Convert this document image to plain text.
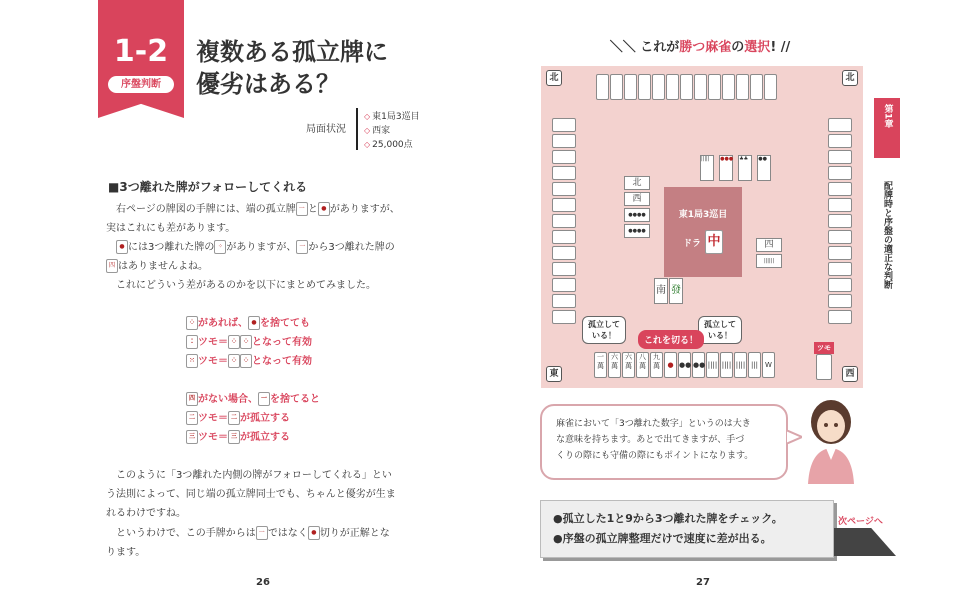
1-2
序盤判断
複数ある孤立牌に
優劣はある？
局面状況
◇ 東1局3巡目
◇ 西家
◇ 25,000点
■3つ離れた牌がフォローしてくれる
　右ページの牌図の手牌には、端の孤立牌 一 と ● がありますが、
実はこれにも差があります。
　● には3つ離れた牌の ⁘ がありますが、 一 から3つ離れた牌の
四 はありませんよね。
　これにどういう差があるのかを以下にまとめてみました。
⁘ があれば、 ● を捨てても
⁚ ツモ＝ ⁘ ⁘ となって有効
⁙ ツモ＝ ⁘ ⁘ となって有効
四 がない場合、 一 を捨てると
二 ツモ＝ 二 が孤立する
三 ツモ＝ 三 が孤立する
　このように「3つ離れた内側の牌がフォローしてくれる」とい
う法則によって、同じ端の孤立牌同士でも、ちゃんと優劣が生ま
れるわけですね。
　というわけで、この手牌からは 一 ではなく ● 切りが正解とな
ります。
26
＼＼ これが勝つ麻雀の選択! //
北	北
東	西
||||| ●●● ♣♣ ●●
北
西
●●●●
●●●●
東1局3巡目
ドラ 中	四
||||||
南 發
孤立して
いる！
孤立して
いる！
これを切る！
一
萬六
萬六
萬八
萬九
萬 ● ●● ●● |||| |||| |||| ||| W
ツモ
麻雀において「3つ離れた数字」というのは大き
な意味を持ちます。あとで出てきますが、手づ
くりの際にも守備の際にもポイントになります。
●孤立した1と9から3つ離れた牌をチェック。
●序盤の孤立牌整理だけで速度に差が出る。
次ページへ
第1章
配牌時と序盤の適正な判断
27
